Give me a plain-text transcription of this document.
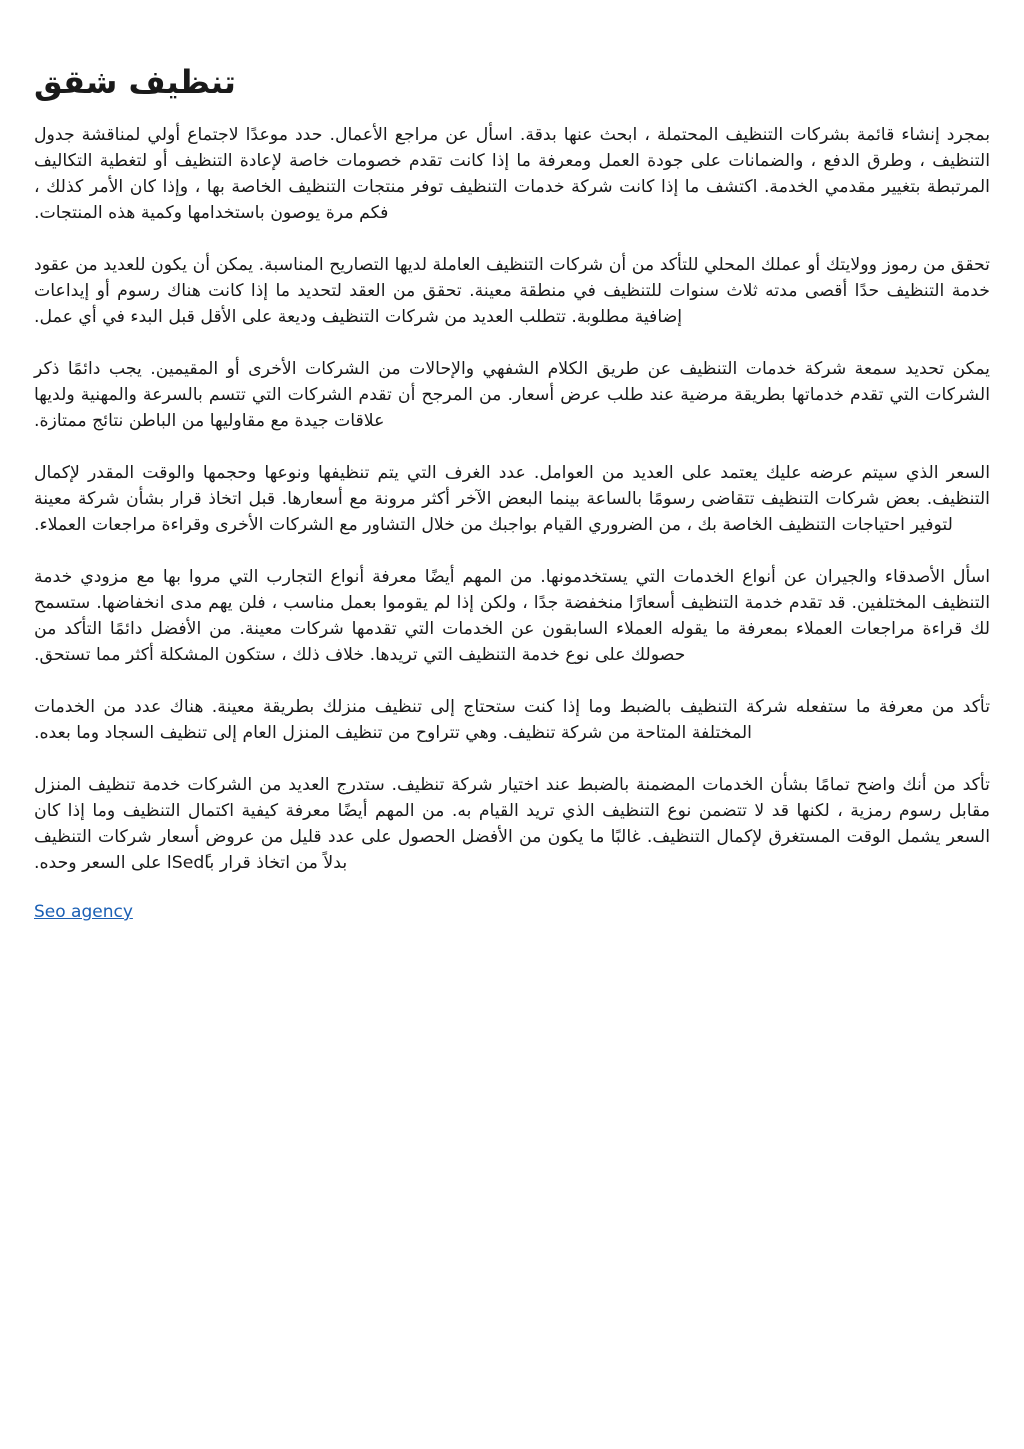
تنظيف شقق

بمجرد إنشاء قائمة بشركات التنظيف المحتملة ، ابحث عنها بدقة. اسأل عن مراجع الأعمال. حدد موعدًا لاجتماع أولي لمناقشة جدول التنظيف ، وطرق الدفع ، والضمانات على جودة العمل ومعرفة ما إذا كانت تقدم خصومات خاصة لإعادة التنظيف أو لتغطية التكاليف المرتبطة بتغيير مقدمي الخدمة. اكتشف ما إذا كانت شركة خدمات التنظيف توفر منتجات التنظيف الخاصة بها ، وإذا كان الأمر كذلك ، فكم مرة يوصون باستخدامها وكمية هذه المنتجات.

تحقق من رموز وولايتك أو عملك المحلي للتأكد من أن شركات التنظيف العاملة لديها التصاريح المناسبة. يمكن أن يكون للعديد من عقود خدمة التنظيف حدًا أقصى مدته ثلاث سنوات للتنظيف في منطقة معينة. تحقق من العقد لتحديد ما إذا كانت هناك رسوم أو إيداعات إضافية مطلوبة. تتطلب العديد من شركات التنظيف وديعة على الأقل قبل البدء في أي عمل.

يمكن تحديد سمعة شركة خدمات التنظيف عن طريق الكلام الشفهي والإحالات من الشركات الأخرى أو المقيمين. يجب دائمًا ذكر الشركات التي تقدم خدماتها بطريقة مرضية عند طلب عرض أسعار. من المرجح أن تقدم الشركات التي تتسم بالسرعة والمهنية ولديها علاقات جيدة مع مقاوليها من الباطن نتائج ممتازة.

السعر الذي سيتم عرضه عليك يعتمد على العديد من العوامل. عدد الغرف التي يتم تنظيفها ونوعها وحجمها والوقت المقدر لإكمال التنظيف. بعض شركات التنظيف تتقاضى رسومًا بالساعة بينما البعض الآخر أكثر مرونة مع أسعارها. قبل اتخاذ قرار بشأن شركة معينة لتوفير احتياجات التنظيف الخاصة بك ، من الضروري القيام بواجبك من خلال التشاور مع الشركات الأخرى وقراءة مراجعات العملاء.

اسأل الأصدقاء والجيران عن أنواع الخدمات التي يستخدمونها. من المهم أيضًا معرفة أنواع التجارب التي مروا بها مع مزودي خدمة التنظيف المختلفين. قد تقدم خدمة التنظيف أسعارًا منخفضة جدًا ، ولكن إذا لم يقوموا بعمل مناسب ، فلن يهم مدى انخفاضها. ستسمح لك قراءة مراجعات العملاء بمعرفة ما يقوله العملاء السابقون عن الخدمات التي تقدمها شركات معينة. من الأفضل دائمًا التأكد من حصولك على نوع خدمة التنظيف التي تريدها. خلاف ذلك ، ستكون المشكلة أكثر مما تستحق.

تأكد من معرفة ما ستفعله شركة التنظيف بالضبط وما إذا كنت ستحتاج إلى تنظيف منزلك بطريقة معينة. هناك عدد من الخدمات المختلفة المتاحة من شركة تنظيف. وهي تتراوح من تنظيف المنزل العام إلى تنظيف السجاد وما بعده.

تأكد من أنك واضح تمامًا بشأن الخدمات المضمنة بالضبط عند اختيار شركة تنظيف. ستدرج العديد من الشركات خدمة تنظيف المنزل مقابل رسوم رمزية ، لكنها قد لا تتضمن نوع التنظيف الذي تريد القيام به. من المهم أيضًا معرفة كيفية اكتمال التنظيف وما إذا كان السعر يشمل الوقت المستغرق لإكمال التنظيف. غالبًا ما يكون من الأفضل الحصول على عدد قليل من عروض أسعار شركات التنظيف بدلاً من اتخاذ قرار باSedًا على السعر وحده.

Seo agency
